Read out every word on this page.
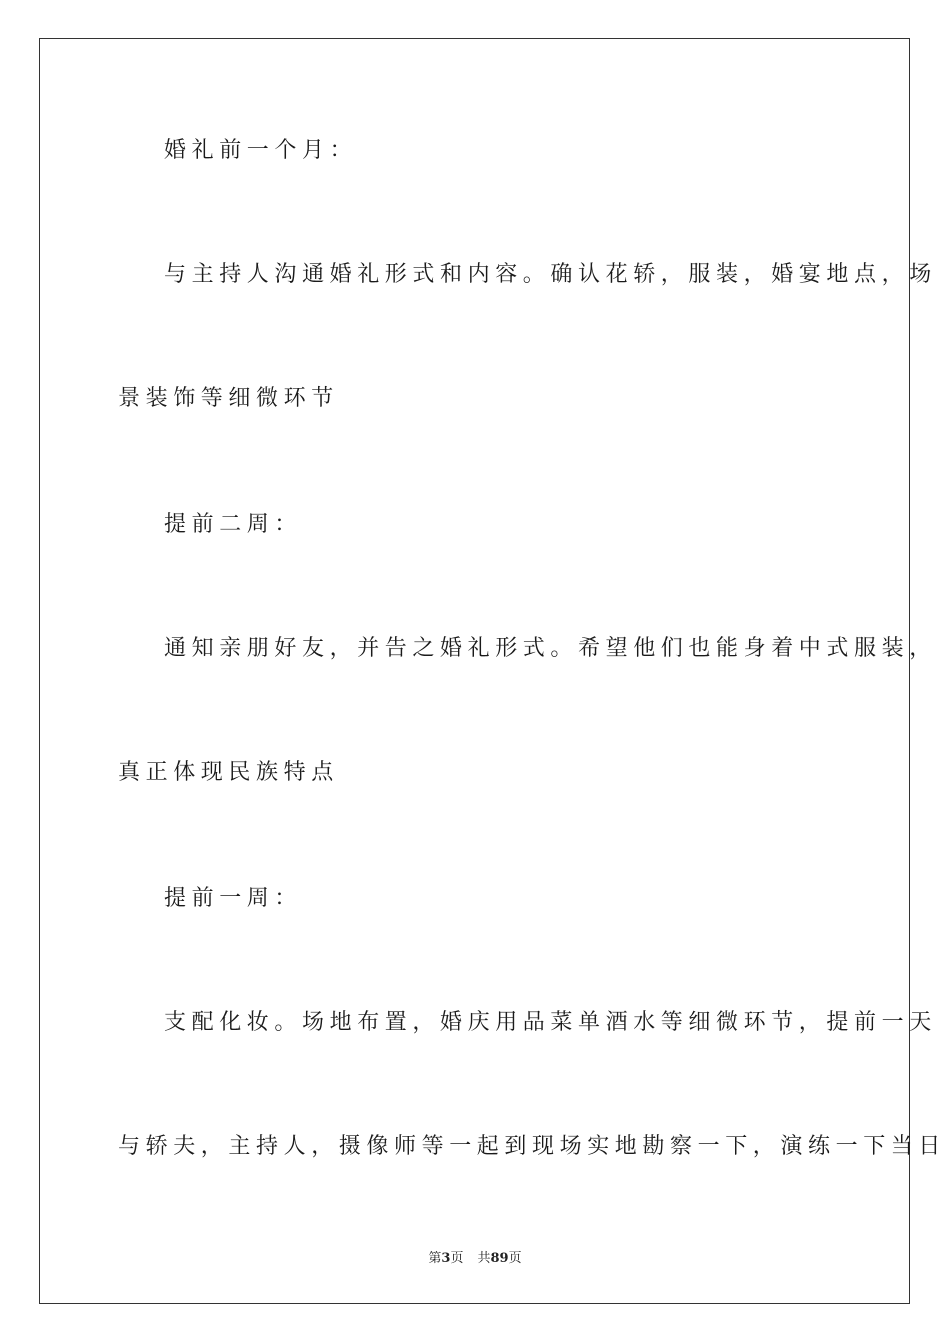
婚礼前一个月：
与主持人沟通婚礼形式和内容。确认花轿，服装，婚宴地点，场
景装饰等细微环节
提前二周：
通知亲朋好友，并告之婚礼形式。希望他们也能身着中式服装，
真正体现民族特点
提前一周：
支配化妆。场地布置，婚庆用品菜单酒水等细微环节，提前一天
与轿夫，主持人，摄像师等一起到现场实地勘察一下，演练一下当日
第3页 共89页
